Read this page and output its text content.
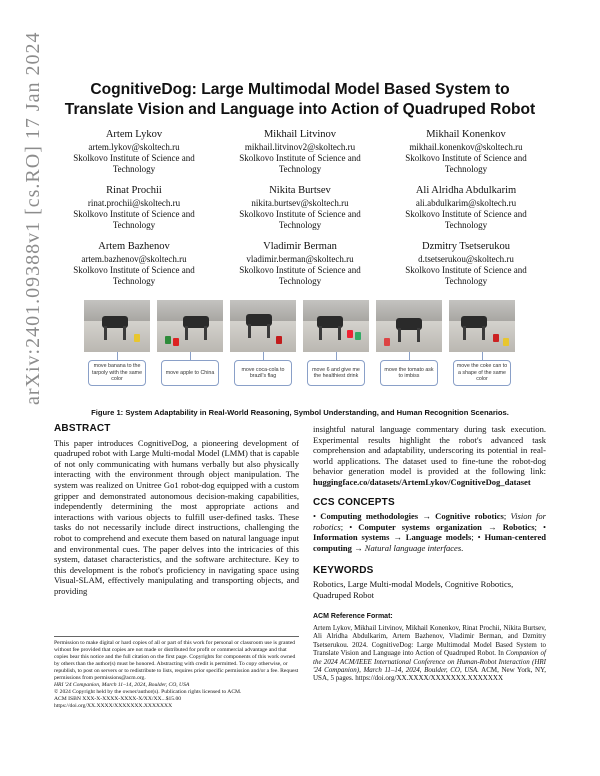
arXiv:2401.09388v1 [cs.RO] 17 Jan 2024	CognitiveDog: Large Multimodal Model Based System to Translate Vision and Language into Action of Quadruped Robot
Artem Lykov
artem.lykov@skoltech.ru
Skolkovo Institute of Science and Technology
Mikhail Litvinov
mikhail.litvinov2@skoltech.ru
Skolkovo Institute of Science and Technology
Mikhail Konenkov
mikhail.konenkov@skoltech.ru
Skolkovo Institute of Science and Technology
Rinat Prochii
rinat.prochii@skoltech.ru
Skolkovo Institute of Science and Technology
Nikita Burtsev
nikita.burtsev@skoltech.ru
Skolkovo Institute of Science and Technology
Ali Alridha Abdulkarim
ali.abdulkarim@skoltech.ru
Skolkovo Institute of Science and Technology
Artem Bazhenov
artem.bazhenov@skoltech.ru
Skolkovo Institute of Science and Technology
Vladimir Berman
vladimir.berman@skoltech.ru
Skolkovo Institute of Science and Technology
Dzmitry Tsetserukou
d.tsetserukou@skoltech.ru
Skolkovo Institute of Science and Technology
move banana to the tarpoly with the same color
move apple to China
move coca-cola to brazil's flag
move 6 and give me the healthiest drink
move the tomato ask to imbiss
move the coke can to a shape of the same color
Figure 1: System Adaptability in Real-World Reasoning, Symbol Understanding, and Human Recognition Scenarios.
ABSTRACT

This paper introduces CognitiveDog, a pioneering development of quadruped robot with Large Multi-modal Model (LMM) that is capable of not only communicating with humans verbally but also physically interacting with the environment through object manipulation. The system was realized on Unitree Go1 robot-dog equipped with a custom gripper and demonstrated autonomous decision-making capabilities, independently determining the most appropriate actions and interactions with various objects to fulfill user-defined tasks. These tasks do not necessarily include direct instructions, challenging the robot to comprehend and execute them based on natural language input and environmental cues. The paper delves into the intricacies of this system, dataset characteristics, and the software architecture. Key to this development is the robot's proficiency in navigating space using Visual-SLAM, effectively manipulating and transporting objects, and providing

insightful natural language commentary during task execution. Experimental results highlight the robot's advanced task comprehension and adaptability, underscoring its potential in real-world applications. The dataset used to fine-tune the robot-dog behavior generation model is provided at the following link: huggingface.co/datasets/ArtemLykov/CognitiveDog_dataset

CCS CONCEPTS

• Computing methodologies → Cognitive robotics; Vision for robotics; • Computer systems organization → Robotics; • Information systems → Language models; • Human-centered computing → Natural language interfaces.

KEYWORDS

Robotics, Large Multi-modal Models, Cognitive Robotics, Quadruped Robot

ACM Reference Format:
Artem Lykov, Mikhail Litvinov, Mikhail Konenkov, Rinat Prochii, Nikita Burtsev, Ali Alridha Abdulkarim, Artem Bazhenov, Vladimir Berman, and Dzmitry Tsetserukou. 2024. CognitiveDog: Large Multimodal Model Based System to Translate Vision and Language into Action of Quadruped Robot. In Companion of the 2024 ACM/IEEE International Conference on Human-Robot Interaction (HRI '24 Companion), March 11–14, 2024, Boulder, CO, USA. ACM, New York, NY, USA, 5 pages. https://doi.org/XX.XXXX/XXXXXXX.XXXXXXX
Permission to make digital or hard copies of all or part of this work for personal or classroom use is granted without fee provided that copies are not made or distributed for profit or commercial advantage and that copies bear this notice and the full citation on the first page. Copyrights for components of this work owned by others than the author(s) must be honored. Abstracting with credit is permitted. To copy otherwise, or republish, to post on servers or to redistribute to lists, requires prior specific permission and/or a fee. Request permissions from permissions@acm.org.
HRI '24 Companion, March 11–14, 2024, Boulder, CO, USA
© 2024 Copyright held by the owner/author(s). Publication rights licensed to ACM.
ACM ISBN XXX-X-XXXX-XXXX-X/XX/XX...$15.00
https://doi.org/XX.XXXX/XXXXXXX.XXXXXXX
